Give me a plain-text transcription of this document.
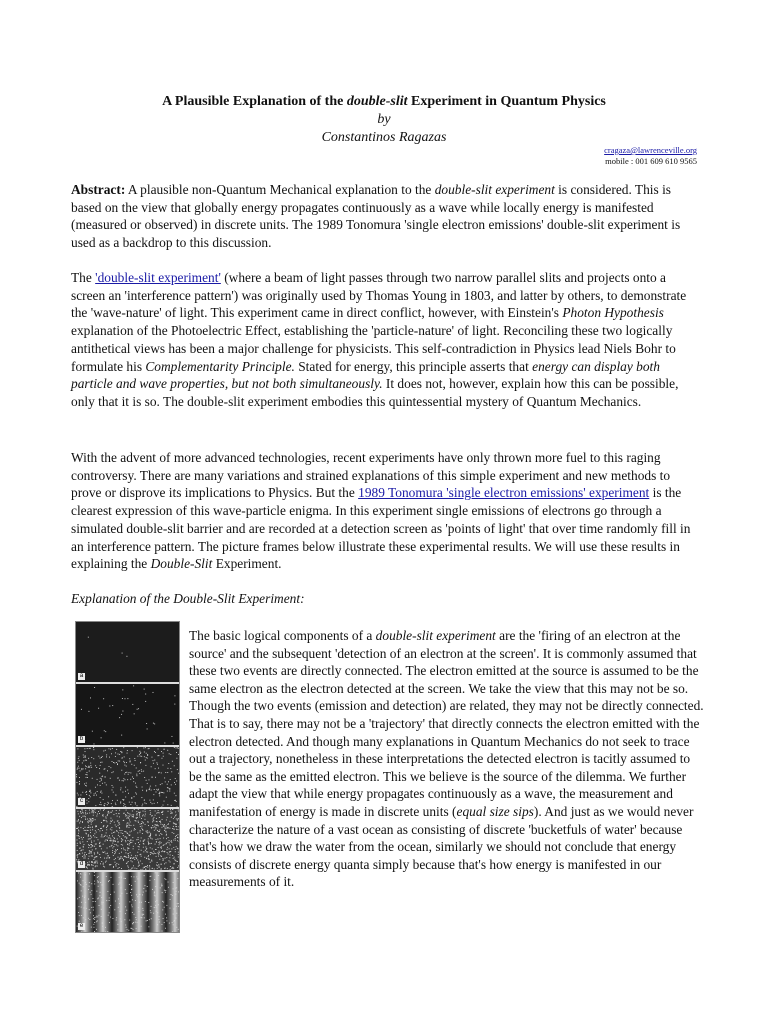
A Plausible Explanation of the double-slit Experiment in Quantum Physics
by
Constantinos Ragazas
cragaza@lawrenceville.org
mobile : 001 609 610 9565
Abstract: A plausible non-Quantum Mechanical explanation to the double-slit experiment is considered. This is based on the view that globally energy propagates continuously as a wave while locally energy is manifested (measured or observed) in discrete units. The 1989 Tonomura 'single electron emissions' double-slit experiment is used as a backdrop to this discussion.
The 'double-slit experiment' (where a beam of light passes through two narrow parallel slits and projects onto a screen an 'interference pattern') was originally used by Thomas Young in 1803, and latter by others, to demonstrate the 'wave-nature' of light. This experiment came in direct conflict, however, with Einstein's Photon Hypothesis explanation of the Photoelectric Effect, establishing the 'particle-nature' of light. Reconciling these two logically antithetical views has been a major challenge for physicists. This self-contradiction in Physics lead Niels Bohr to formulate his Complementarity Principle. Stated for energy, this principle asserts that energy can display both particle and wave properties, but not both simultaneously. It does not, however, explain how this can be possible, only that it is so. The double-slit experiment embodies this quintessential mystery of Quantum Mechanics.
With the advent of more advanced technologies, recent experiments have only thrown more fuel to this raging controversy. There are many variations and strained explanations of this simple experiment and new methods to prove or disprove its implications to Physics. But the 1989 Tonomura 'single electron emissions' experiment is the clearest expression of this wave-particle enigma. In this experiment single emissions of electrons go through a simulated double-slit barrier and are recorded at a detection screen as 'points of light' that over time randomly fill in an interference pattern. The picture frames below illustrate these experimental results. We will use these results in explaining the Double-Slit Experiment.
Explanation of the Double-Slit Experiment:
a
b
c
d
e
The basic logical components of a double-slit experiment are the 'firing of an electron at the source' and the subsequent 'detection of an electron at the screen'. It is commonly assumed that these two events are directly connected. The electron emitted at the source is assumed to be the same electron as the electron detected at the screen. We take the view that this may not be so. Though the two events (emission and detection) are related, they may not be directly connected. That is to say, there may not be a 'trajectory' that directly connects the electron emitted with the electron detected. And though many explanations in Quantum Mechanics do not seek to trace out a trajectory, nonetheless in these interpretations the detected electron is tacitly assumed to be the same as the emitted electron. This we believe is the source of the dilemma. We further adapt the view that while energy propagates continuously as a wave, the measurement and manifestation of energy is made in discrete units (equal size sips). And just as we would never characterize the nature of a vast ocean as consisting of discrete 'bucketfuls of water' because that's how we draw the water from the ocean, similarly we should not conclude that energy consists of discrete energy quanta simply because that's how energy is manifested in our measurements of it.
